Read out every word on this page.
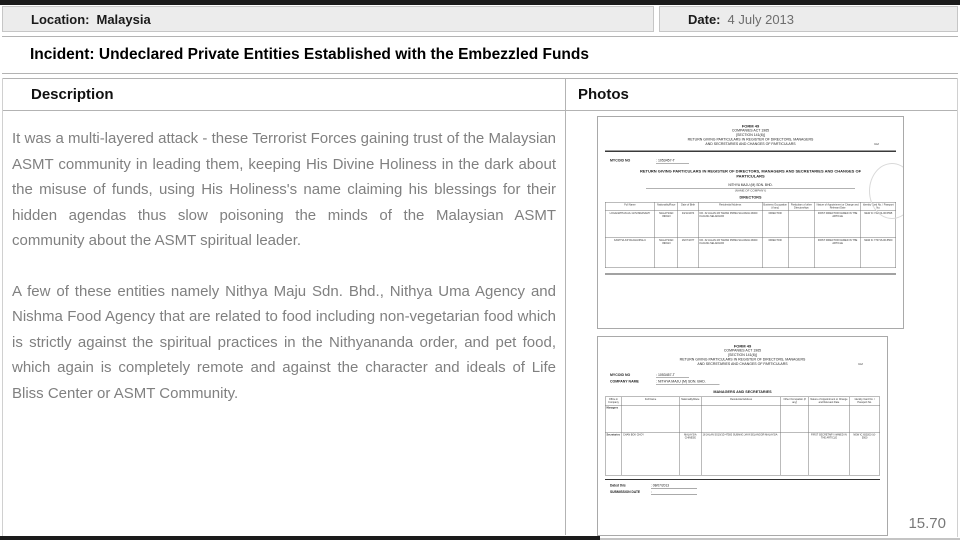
Location: Malaysia	Date: 4 July 2013
Incident: Undeclared Private Entities Established with the Embezzled Funds
Description	Photos

It was a multi-layered attack - these Terrorist Forces gaining trust of the Malaysian ASMT community in leading them, keeping His Divine Holiness in the dark about the misuse of funds, using His Holiness's name claiming his blessings for their hidden agendas thus slow poisoning the minds of the Malaysian ASMT community about the ASMT spiritual leader.

A few of these entities namely Nithya Maju Sdn. Bhd., Nithya Uma Agency and Nishma Food Agency that are related to food including non-vegetarian food which is strictly against the spiritual practices in the Nithyananda order, and pet food, which again is completely remote and against the character and ideals of Life Bliss Center or ASMT Community.

FORM 49
COMPANIES ACT 1965
[SECTION 141(6)]
RETURN GIVING PARTICULARS IN REGISTER OF DIRECTORS, MANAGERS
AND SECRETARIES AND CHANGES OF PARTICULARS	Ref
MYCOID NO	: 1053457-T
RETURN GIVING PARTICULARS IN REGISTER OF DIRECTORS, MANAGERS AND SECRETARIES AND CHANGES OF PARTICULARS
NITHYA MAJU (M) SDN. BHD.
(NAME OF COMPANY)
DIRECTORS
Full Name	Nationality/Race	Date of Birth	Residential Address	Business Occupation (if any)	Particulars of other Directorships	Nature of Appointment or Change and Relevant Date	Identity Card No. / Passport No.
LOGANATHAN A/L GOVINDASAMY	MALAYSIAN INDIAN	04/11/1974	NO. 32 JALAN 4/6 TAMAN PRIMA SAUJANA 43000 KAJANG SELANGOR	DIRECTOR		FIRST DIRECTOR NAMED IN THE ARTICLE	NEW IC 741104-06-5595
KANTHA A/P RAJAGOPALU	MALAYSIAN INDIAN	16/07/1977	NO. 32 JALAN 4/6 TAMAN PRIMA SAUJANA 43000 KAJANG SELANGOR	DIRECTOR		FIRST DIRECTOR NAMED IN THE ARTICLE	NEW IC 770716-06-5560
FORM 49
COMPANIES ACT 1965
[SECTION 141(6)]
RETURN GIVING PARTICULARS IN REGISTER OF DIRECTORS, MANAGERS
AND SECRETARIES AND CHANGES OF PARTICULARS	Ref
MYCOID NO	: 1053457-T
COMPANY NAME	: NITHYA MAJU (M) SDN. BHD.
MANAGERS AND SECRETARIES
Office in Company	Full Name	Nationality/Race	Residential Address	Other Occupation (if any)	Nature of Appointment or Change and Relevant Date	Identity Card No. / Passport No.
Managers						
Secretaries	CHAN BOK CHOY	MALAYSIA CHINESE	18 JALAN SS19/1D 47500 SUBANG JAYA SELANGOR MALAYSIA		FIRST SECRETARY NAMED IN THE ARTICLE	NEW IC 650203-10-5500
Dated this	: 08/07/2013
SUBMISSION DATE	:
15.70
